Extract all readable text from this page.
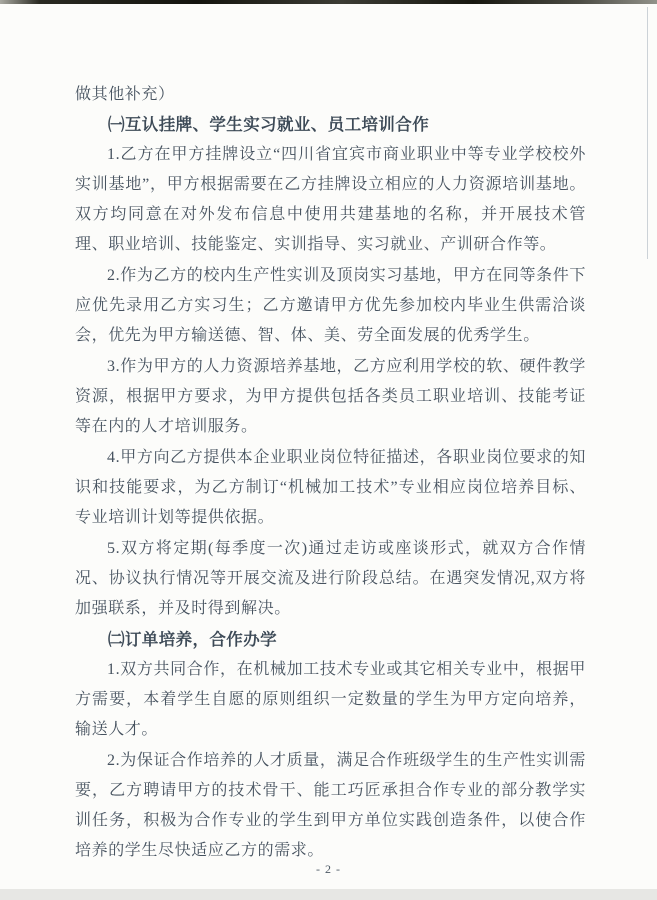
做其他补充）

㈠互认挂牌、学生实习就业、员工培训合作

1.乙方在甲方挂牌设立“四川省宜宾市商业职业中等专业学校校外实训基地”，甲方根据需要在乙方挂牌设立相应的人力资源培训基地。双方均同意在对外发布信息中使用共建基地的名称，并开展技术管理、职业培训、技能鉴定、实训指导、实习就业、产训研合作等。

2.作为乙方的校内生产性实训及顶岗实习基地，甲方在同等条件下应优先录用乙方实习生；乙方邀请甲方优先参加校内毕业生供需洽谈会，优先为甲方输送德、智、体、美、劳全面发展的优秀学生。

3.作为甲方的人力资源培养基地，乙方应利用学校的软、硬件教学资源，根据甲方要求，为甲方提供包括各类员工职业培训、技能考证等在内的人才培训服务。

4.甲方向乙方提供本企业职业岗位特征描述，各职业岗位要求的知识和技能要求，为乙方制订“机械加工技术”专业相应岗位培养目标、专业培训计划等提供依据。

5.双方将定期(每季度一次)通过走访或座谈形式，就双方合作情况、协议执行情况等开展交流及进行阶段总结。在遇突发情况,双方将加强联系，并及时得到解决。

㈡订单培养，合作办学

1.双方共同合作，在机械加工技术专业或其它相关专业中，根据甲方需要，本着学生自愿的原则组织一定数量的学生为甲方定向培养，输送人才。

2.为保证合作培养的人才质量，满足合作班级学生的生产性实训需要，乙方聘请甲方的技术骨干、能工巧匠承担合作专业的部分教学实训任务，积极为合作专业的学生到甲方单位实践创造条件，以使合作培养的学生尽快适应乙方的需求。

- 2 -
